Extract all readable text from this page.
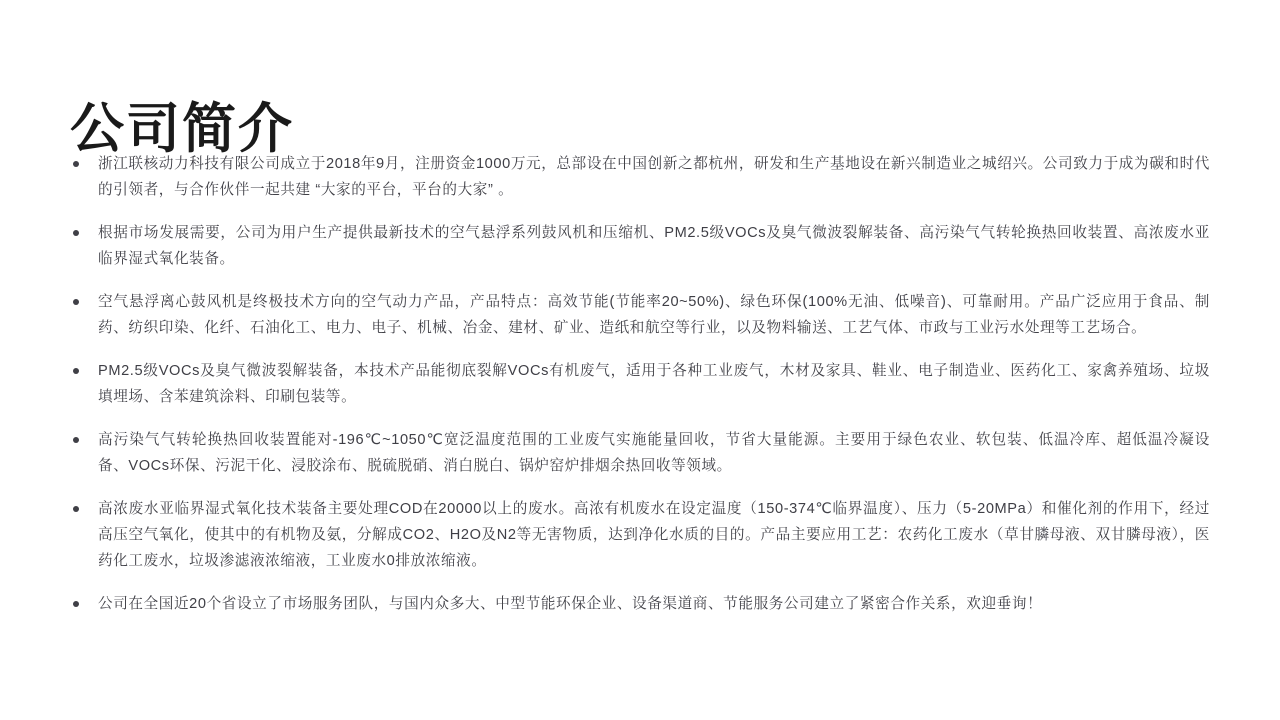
公司简介
浙江联核动力科技有限公司成立于2018年9月，注册资金1000万元，总部设在中国创新之都杭州，研发和生产基地设在新兴制造业之城绍兴。公司致力于成为碳和时代的引领者，与合作伙伴一起共建 “大家的平台，平台的大家” 。
根据市场发展需要，公司为用户生产提供最新技术的空气悬浮系列鼓风机和压缩机、PM2.5级VOCs及臭气微波裂解装备、高污染气气转轮换热回收装置、高浓废水亚临界湿式氧化装备。
空气悬浮离心鼓风机是终极技术方向的空气动力产品，产品特点：高效节能(节能率20~50%)、绿色环保(100%无油、低噪音)、可靠耐用。产品广泛应用于食品、制药、纺织印染、化纤、石油化工、电力、电子、机械、冶金、建材、矿业、造纸和航空等行业，以及物料输送、工艺气体、市政与工业污水处理等工艺场合。
PM2.5级VOCs及臭气微波裂解装备，本技术产品能彻底裂解VOCs有机废气，适用于各种工业废气，木材及家具、鞋业、电子制造业、医药化工、家禽养殖场、垃圾填埋场、含苯建筑涂料、印刷包装等。
高污染气气转轮换热回收装置能对-196℃~1050℃宽泛温度范围的工业废气实施能量回收，节省大量能源。主要用于绿色农业、软包装、低温冷库、超低温冷凝设备、VOCs环保、污泥干化、浸胶涂布、脱硫脱硝、消白脱白、锅炉窑炉排烟余热回收等领域。
高浓废水亚临界湿式氧化技术装备主要处理COD在20000以上的废水。高浓有机废水在设定温度（150-374℃临界温度）、压力（5-20MPa）和催化剂的作用下，经过高压空气氧化，使其中的有机物及氨，分解成CO2、H2O及N2等无害物质，达到净化水质的目的。产品主要应用工艺：农药化工废水（草甘膦母液、双甘膦母液），医药化工废水，垃圾渗滤液浓缩液，工业废水0排放浓缩液。
公司在全国近20个省设立了市场服务团队，与国内众多大、中型节能环保企业、设备渠道商、节能服务公司建立了紧密合作关系，欢迎垂询！
